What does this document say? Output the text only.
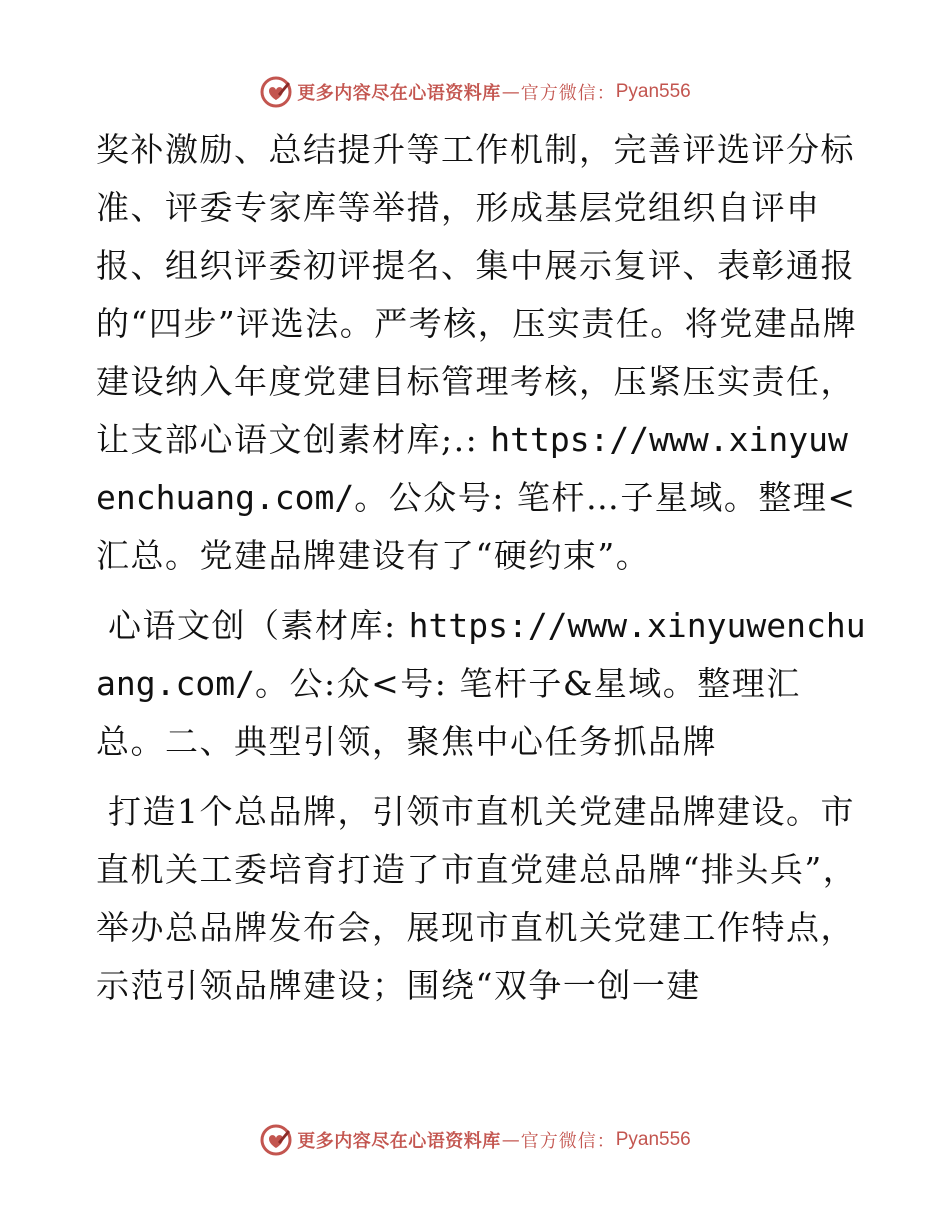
更多内容尽在心语资料库 — 官方微信： Pyan556

奖补激励、总结提升等工作机制，完善评选评分标准、评委专家库等举措，形成基层党组织自评申报、组织评委初评提名、集中展示复评、表彰通报的“四步”评选法。严考核，压实责任。将党建品牌建设纳入年度党建目标管理考核，压紧压实责任，让支部心语文创素材库;.: https://www.xinyuwenchuang.com/。公众号: 笔杆…子星域。整理<汇总。党建品牌建设有了“硬约束”。

心语文创（素材库: https://www.xinyuwenchuang.com/。公:众<号: 笔杆子&星域。整理汇总。二、典型引领，聚焦中心任务抓品牌

打造1个总品牌，引领市直机关党建品牌建设。市直机关工委培育打造了市直党建总品牌“排头兵”，举办总品牌发布会，展现市直机关党建工作特点，示范引领品牌建设；围绕“双争一创一建

更多内容尽在心语资料库 — 官方微信： Pyan556
